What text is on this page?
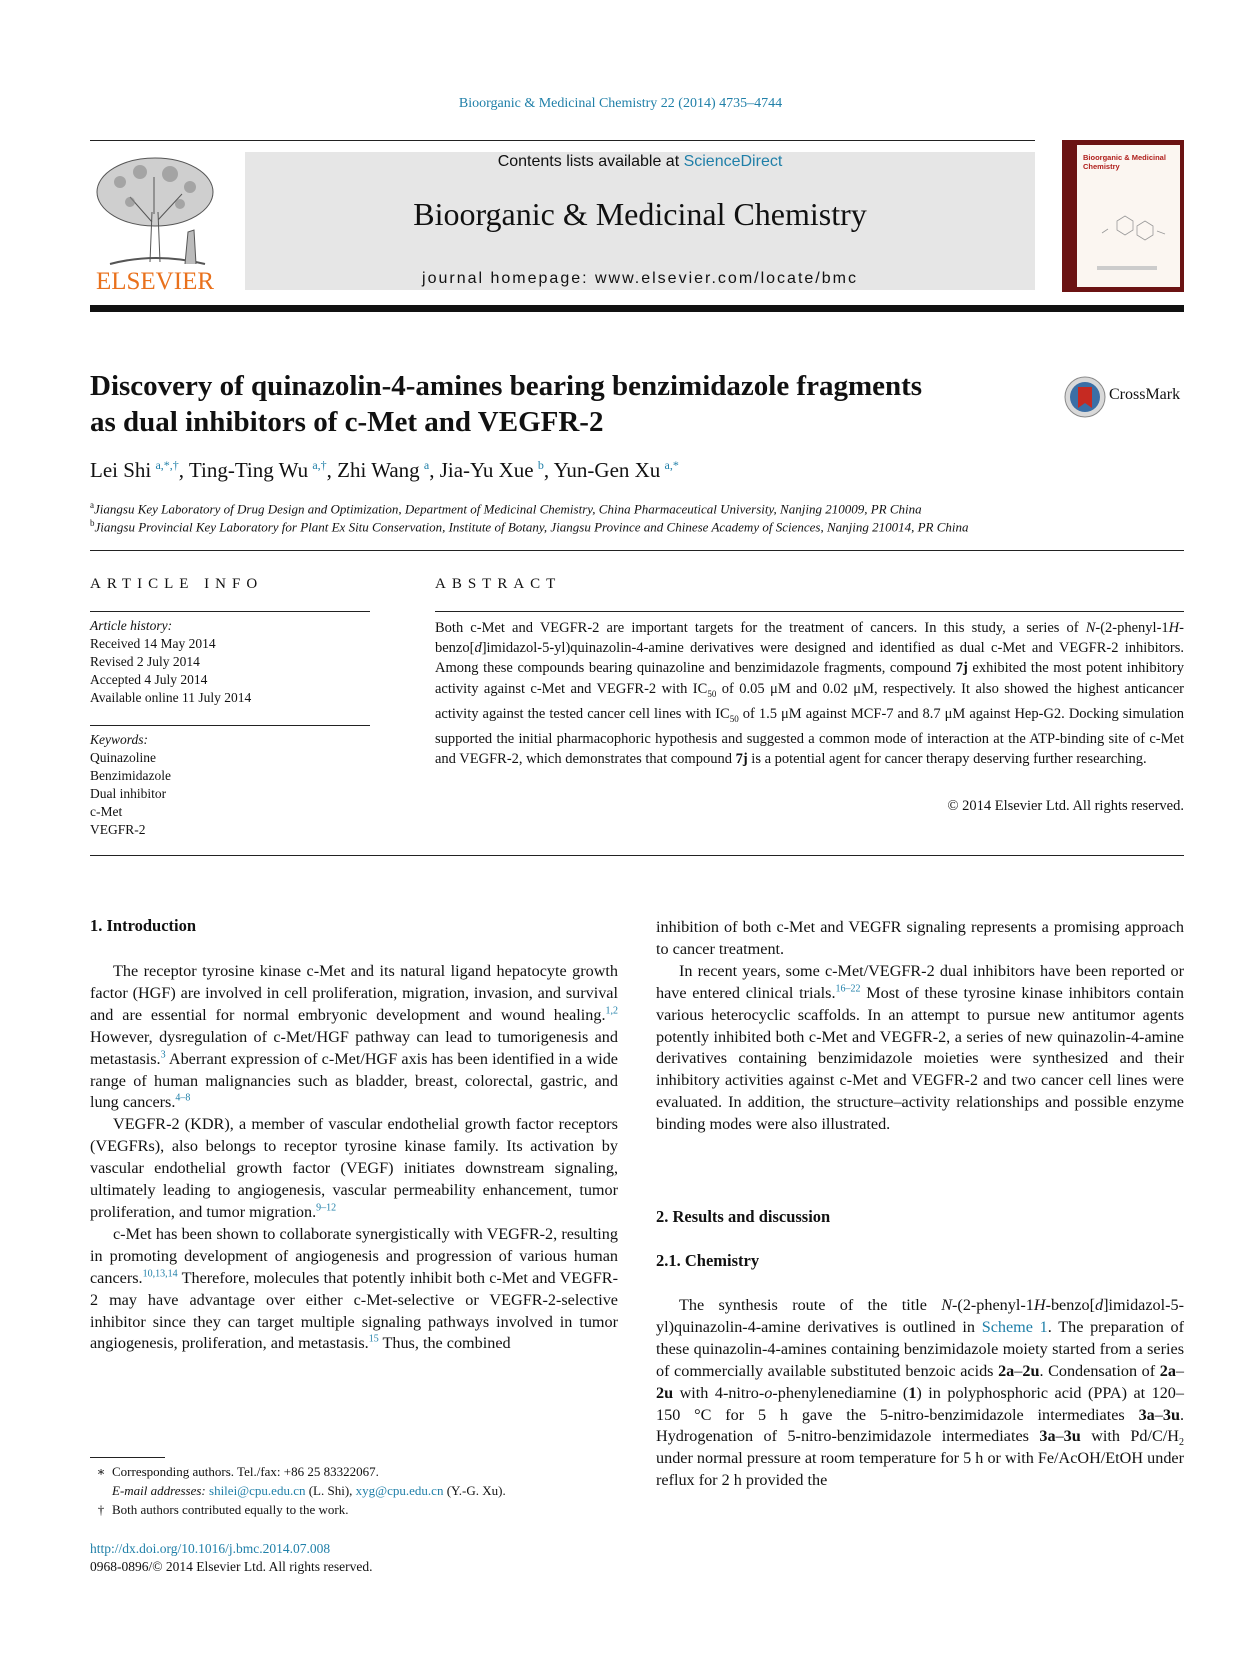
Bioorganic & Medicinal Chemistry 22 (2014) 4735–4744
ELSEVIER
Contents lists available at ScienceDirect
Bioorganic & Medicinal Chemistry
journal homepage: www.elsevier.com/locate/bmc
Bioorganic & Medicinal Chemistry
Discovery of quinazolin-4-amines bearing benzimidazole fragments
as dual inhibitors of c-Met and VEGFR-2
CrossMark
Lei Shi  $^{a,*,\dagger}$, Ting-Ting Wu  $^{a,\dagger}$, Zhi Wang  $^a$, Jia-Yu Xue  $^b$, Yun-Gen Xu  $^{a,*}$
$^a$Jiangsu Key Laboratory of Drug Design and Optimization, Department of Medicinal Chemistry, China Pharmaceutical University, Nanjing 210009, PR China
$^b$Jiangsu Provincial Key Laboratory for Plant Ex Situ Conservation, Institute of Botany, Jiangsu Province and Chinese Academy of Sciences, Nanjing 210014, PR China
ARTICLE INFO
Article history:
Received 14 May 2014
Revised 2 July 2014
Accepted 4 July 2014
Available online 11 July 2014
Keywords:
Quinazoline
Benzimidazole
Dual inhibitor
c-Met
VEGFR-2
ABSTRACT
Both c-Met and VEGFR-2 are important targets for the treatment of cancers. In this study, a series of N-(2-phenyl-1H-benzo[d]imidazol-5-yl)quinazolin-4-amine derivatives were designed and identified as dual c-Met and VEGFR-2 inhibitors. Among these compounds bearing quinazoline and benzimidazole fragments, compound 7j exhibited the most potent inhibitory activity against c-Met and VEGFR-2 with $IC_{50}$ of 0.05 μM and 0.02 μM, respectively. It also showed the highest anticancer activity against the tested cancer cell lines with $IC_{50}$ of 1.5 μM against MCF-7 and 8.7 μM against Hep-G2. Docking simulation supported the initial pharmacophoric hypothesis and suggested a common mode of interaction at the ATP-binding site of c-Met and VEGFR-2, which demonstrates that compound 7j is a potential agent for cancer therapy deserving further researching.
© 2014 Elsevier Ltd. All rights reserved.
1. Introduction

The receptor tyrosine kinase c-Met and its natural ligand hepatocyte growth factor (HGF) are involved in cell proliferation, migration, invasion, and survival and are essential for normal embryonic development and wound healing.$^{1,2}$ However, dysregulation of c-Met/HGF pathway can lead to tumorigenesis and metastasis.$^3$ Aberrant expression of c-Met/HGF axis has been identified in a wide range of human malignancies such as bladder, breast, colorectal, gastric, and lung cancers.$^{4-8}$

VEGFR-2 (KDR), a member of vascular endothelial growth factor receptors (VEGFRs), also belongs to receptor tyrosine kinase family. Its activation by vascular endothelial growth factor (VEGF) initiates downstream signaling, ultimately leading to angiogenesis, vascular permeability enhancement, tumor proliferation, and tumor migration.$^{9-12}$

c-Met has been shown to collaborate synergistically with VEGFR-2, resulting in promoting development of angiogenesis and progression of various human cancers.$^{10,13,14}$ Therefore, molecules that potently inhibit both c-Met and VEGFR-2 may have advantage over either c-Met-selective or VEGFR-2-selective inhibitor since they can target multiple signaling pathways involved in tumor angiogenesis, proliferation, and metastasis.$^{15}$ Thus, the combined

inhibition of both c-Met and VEGFR signaling represents a promising approach to cancer treatment.

In recent years, some c-Met/VEGFR-2 dual inhibitors have been reported or have entered clinical trials.$^{16-22}$ Most of these tyrosine kinase inhibitors contain various heterocyclic scaffolds. In an attempt to pursue new antitumor agents potently inhibited both c-Met and VEGFR-2, a series of new quinazolin-4-amine derivatives containing benzimidazole moieties were synthesized and their inhibitory activities against c-Met and VEGFR-2 and two cancer cell lines were evaluated. In addition, the structure–activity relationships and possible enzyme binding modes were also illustrated.

2. Results and discussion
2.1. Chemistry

The synthesis route of the title N-(2-phenyl-1H-benzo[d]imidazol-5-yl)quinazolin-4-amine derivatives is outlined in Scheme 1. The preparation of these quinazolin-4-amines containing benzimidazole moiety started from a series of commercially available substituted benzoic acids 2a–2u. Condensation of 2a–2u with 4-nitro-o-phenylenediamine (1) in polyphosphoric acid (PPA) at 120–150 °C for 5 h gave the 5-nitro-benzimidazole intermediates 3a–3u. Hydrogenation of 5-nitro-benzimidazole intermediates 3a–3u with $Pd/C/H_2$ under normal pressure at room temperature for 5 h or with Fe/AcOH/EtOH under reflux for 2 h provided the

∗ Corresponding authors. Tel./fax: +86 25 83322067.
E-mail addresses: shilei@cpu.edu.cn (L. Shi), xyg@cpu.edu.cn (Y.-G. Xu).
† Both authors contributed equally to the work.
http://dx.doi.org/10.1016/j.bmc.2014.07.008
0968-0896/© 2014 Elsevier Ltd. All rights reserved.
